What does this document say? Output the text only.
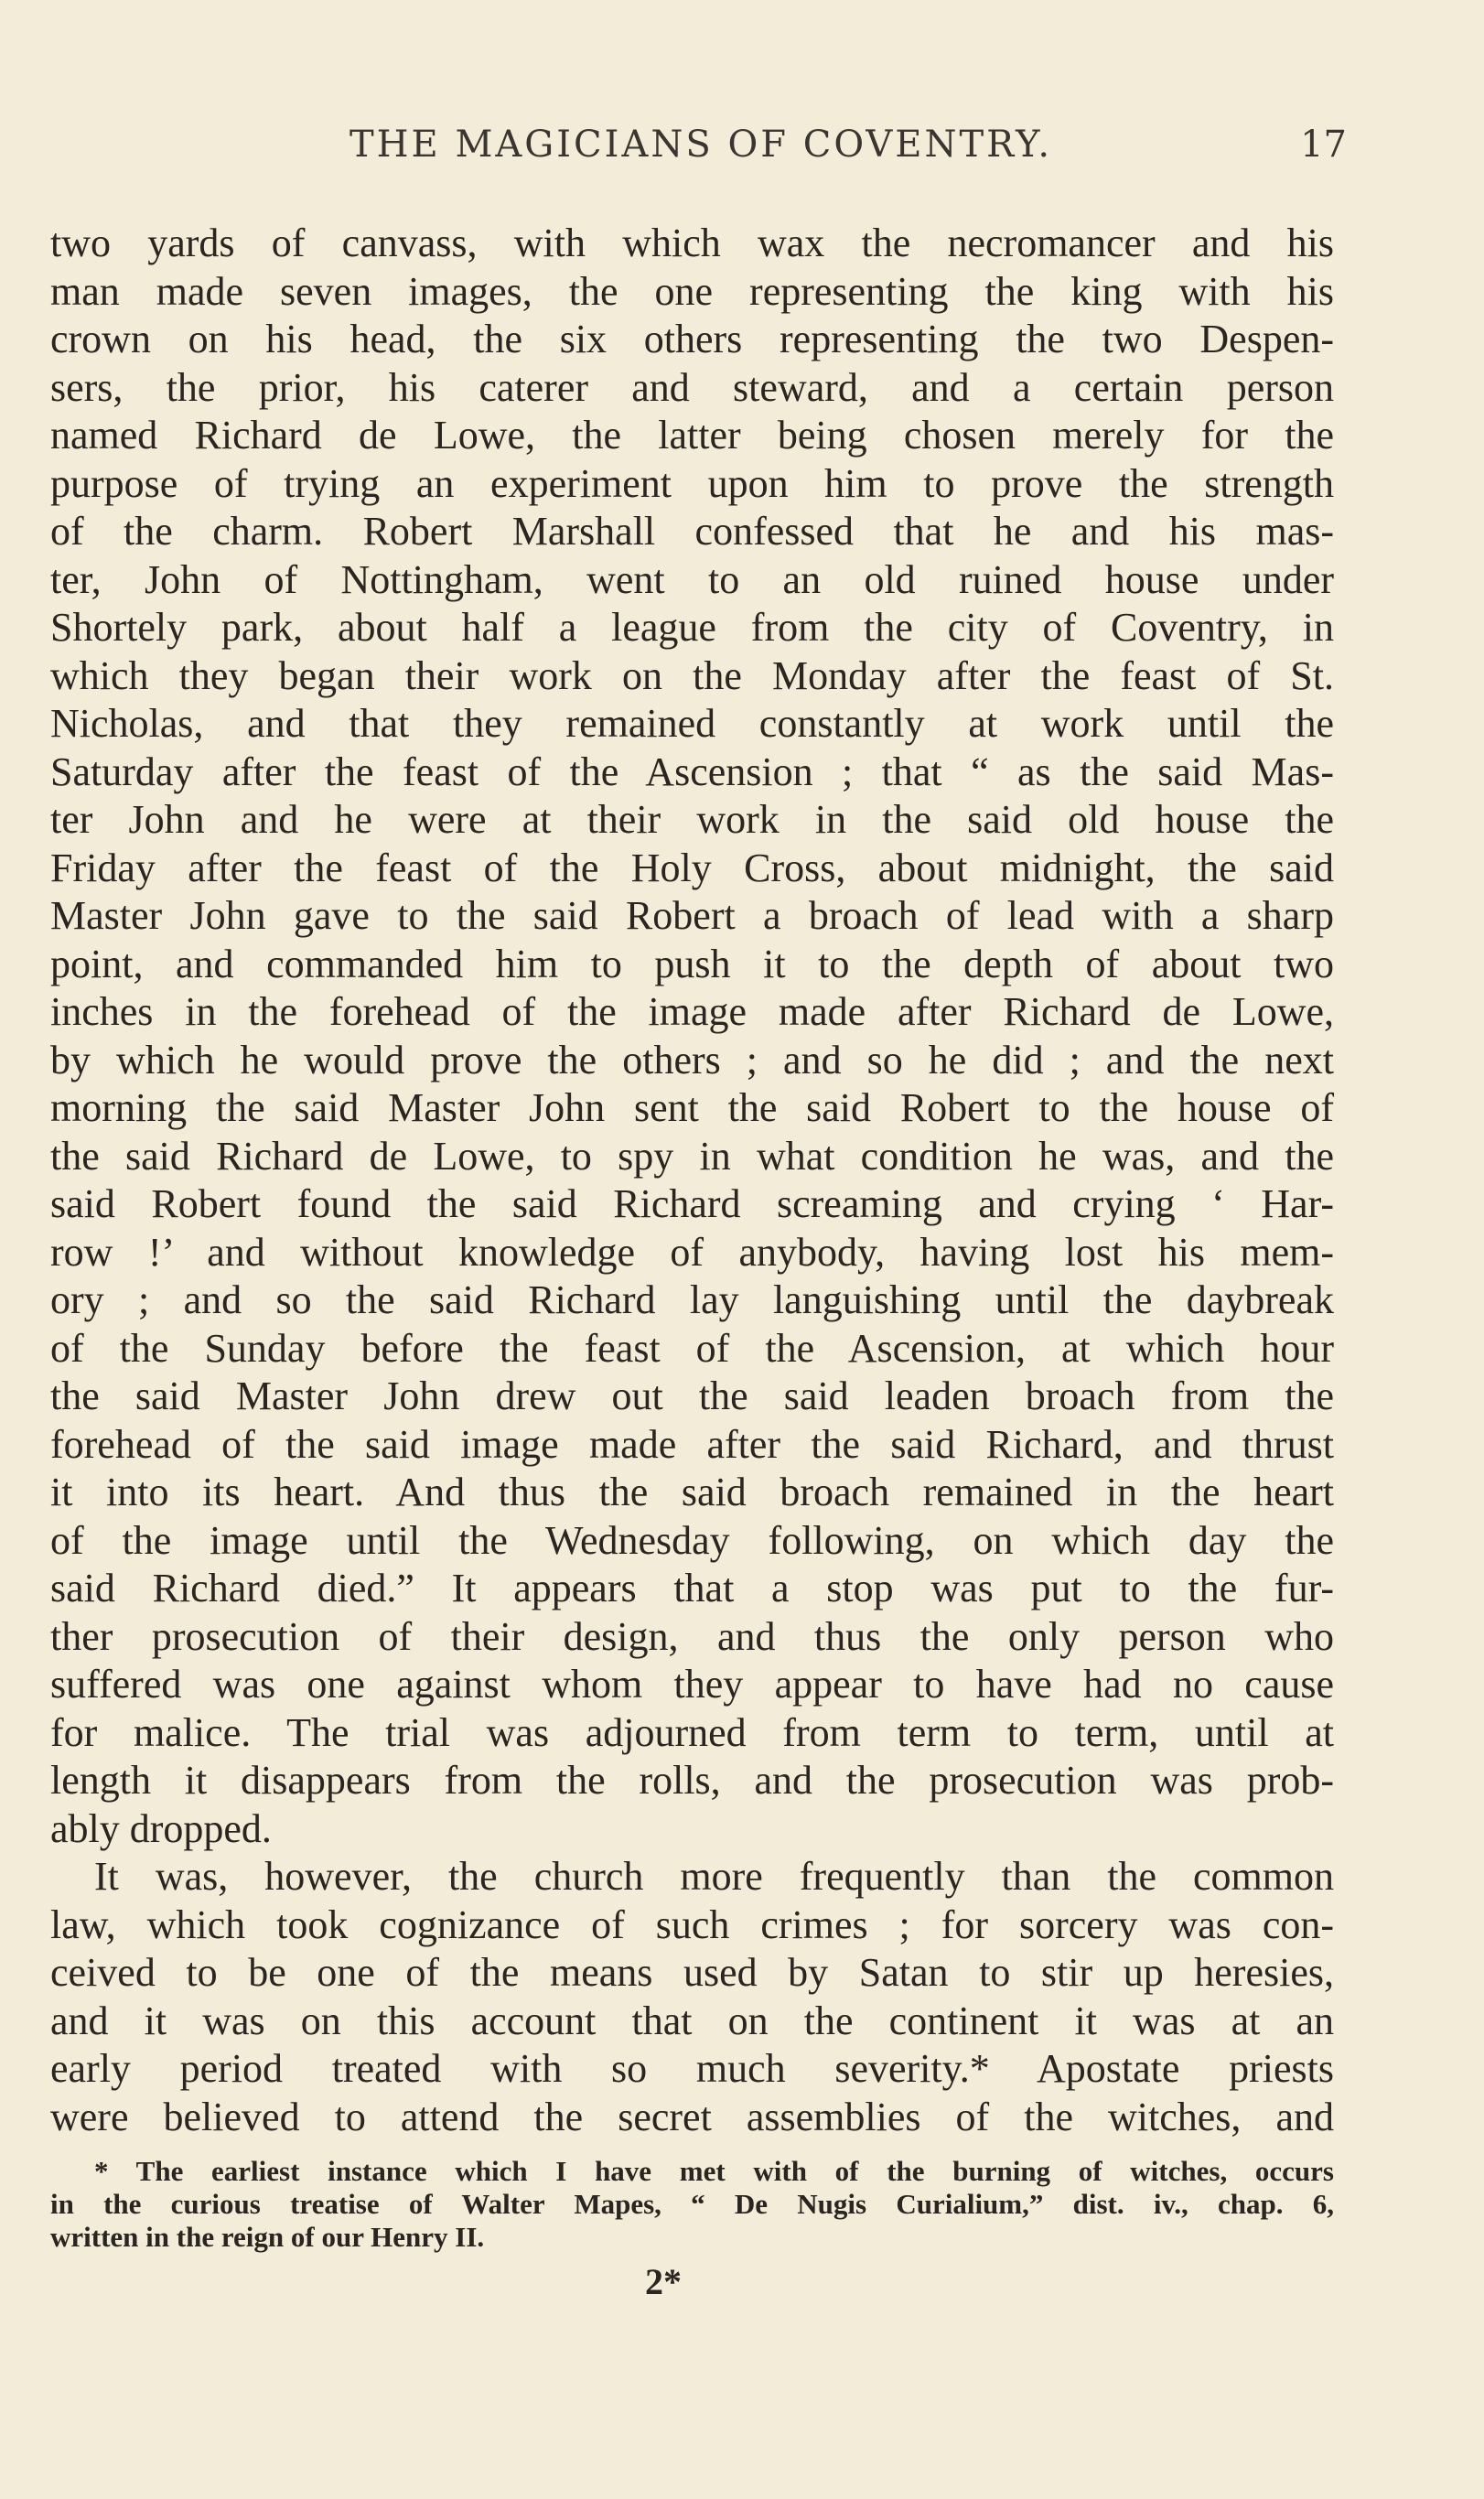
THE MAGICIANS OF COVENTRY.	17
two yards of canvass, with which wax the necromancer and his
man made seven images, the one representing the king with his
crown on his head, the six others representing the two Despen-
sers, the prior, his caterer and steward, and a certain person
named Richard de Lowe, the latter being chosen merely for the
purpose of trying an experiment upon him to prove the strength
of the charm. Robert Marshall confessed that he and his mas-
ter, John of Nottingham, went to an old ruined house under
Shortely park, about half a league from the city of Coventry, in
which they began their work on the Monday after the feast of St.
Nicholas, and that they remained constantly at work until the
Saturday after the feast of the Ascension ; that “ as the said Mas-
ter John and he were at their work in the said old house the
Friday after the feast of the Holy Cross, about midnight, the said
Master John gave to the said Robert a broach of lead with a sharp
point, and commanded him to push it to the depth of about two
inches in the forehead of the image made after Richard de Lowe,
by which he would prove the others ; and so he did ; and the next
morning the said Master John sent the said Robert to the house of
the said Richard de Lowe, to spy in what condition he was, and the
said Robert found the said Richard screaming and crying ‘ Har-
row !’ and without knowledge of anybody, having lost his mem-
ory ; and so the said Richard lay languishing until the daybreak
of the Sunday before the feast of the Ascension, at which hour
the said Master John drew out the said leaden broach from the
forehead of the said image made after the said Richard, and thrust
it into its heart. And thus the said broach remained in the heart
of the image until the Wednesday following, on which day the
said Richard died.” It appears that a stop was put to the fur-
ther prosecution of their design, and thus the only person who
suffered was one against whom they appear to have had no cause
for malice. The trial was adjourned from term to term, until at
length it disappears from the rolls, and the prosecution was prob-
ably dropped.
It was, however, the church more frequently than the common
law, which took cognizance of such crimes ; for sorcery was con-
ceived to be one of the means used by Satan to stir up heresies,
and it was on this account that on the continent it was at an
early period treated with so much severity.* Apostate priests
were believed to attend the secret assemblies of the witches, and
* The earliest instance which I have met with of the burning of witches, occurs
in the curious treatise of Walter Mapes, “ De Nugis Curialium,” dist. iv., chap. 6,
written in the reign of our Henry II.
2*
